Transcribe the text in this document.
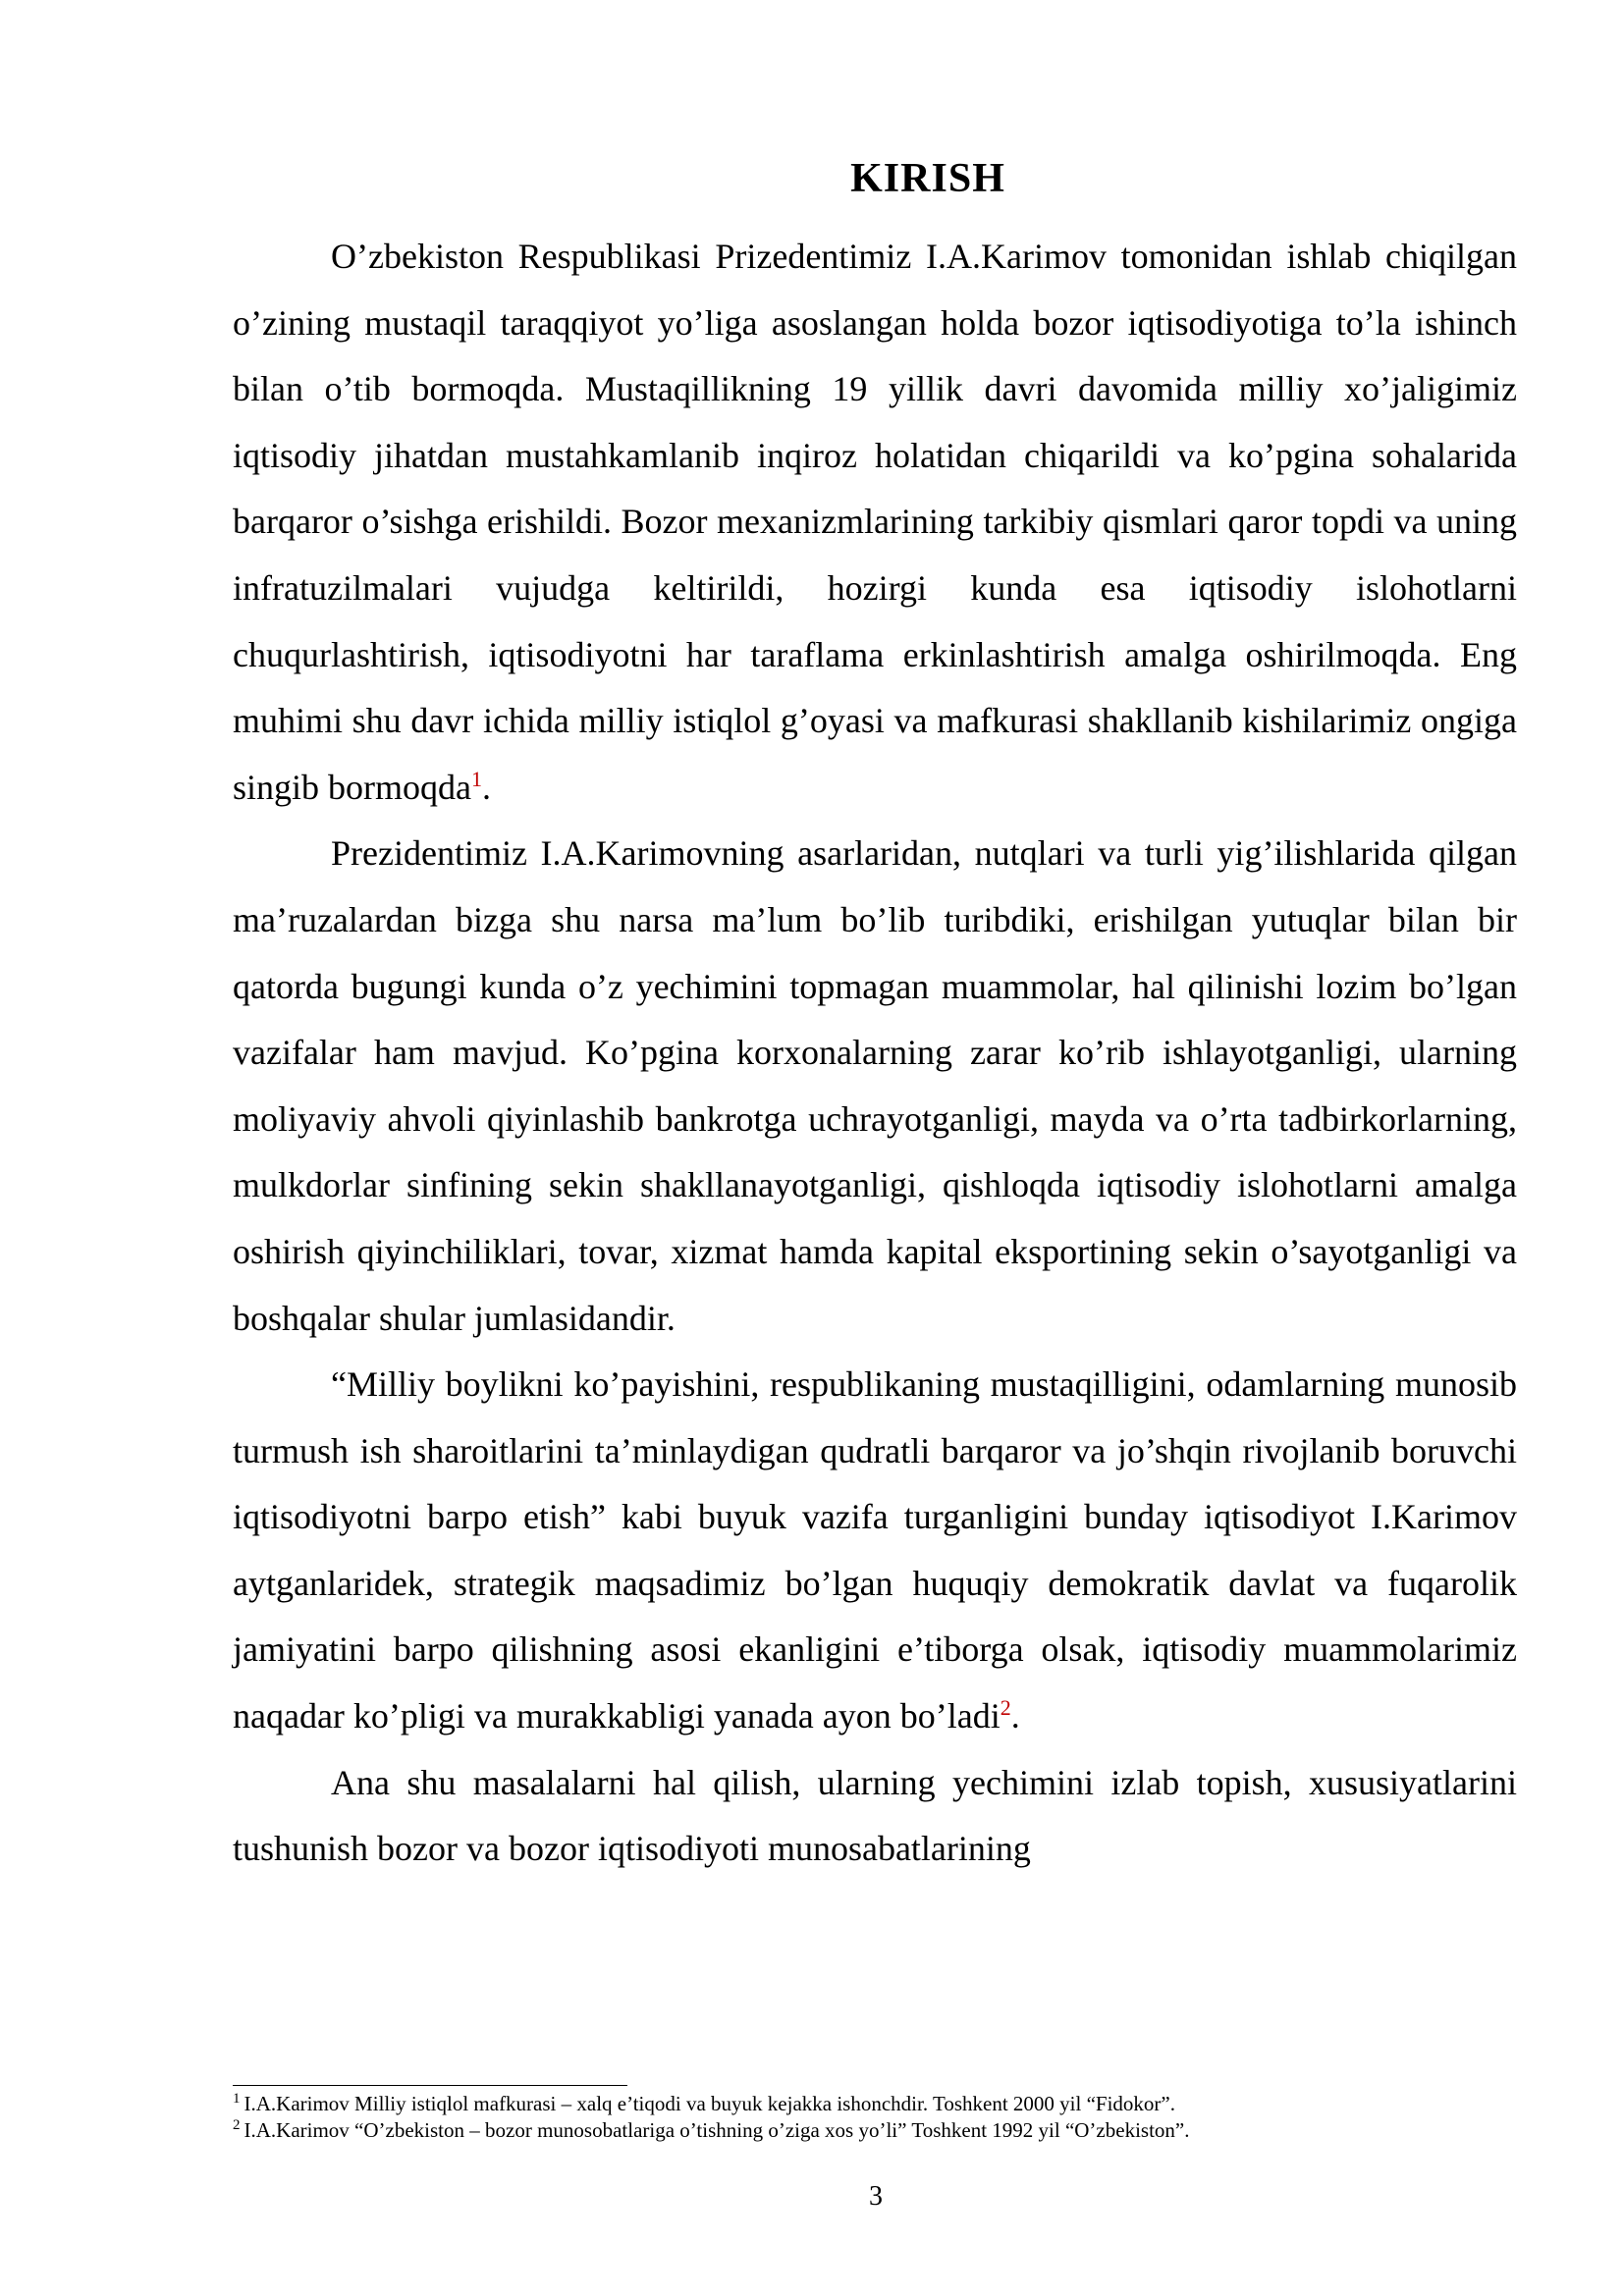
KIRISH

O’zbekiston Respublikasi Prizedentimiz I.A.Karimov tomonidan ishlab chiqilgan o’zining mustaqil taraqqiyot yo’liga asoslangan holda bozor iqtisodiyotiga to’la ishinch bilan o’tib bormoqda. Mustaqillikning 19 yillik davri davomida milliy xo’jaligimiz iqtisodiy jihatdan mustahkamlanib inqiroz holatidan chiqarildi va ko’pgina sohalarida barqaror o’sishga erishildi. Bozor mexanizmlarining tarkibiy qismlari qaror topdi va uning infratuzilmalari vujudga keltirildi, hozirgi kunda esa iqtisodiy islohotlarni chuqurlashtirish, iqtisodiyotni har taraflama erkinlashtirish amalga oshirilmoqda. Eng muhimi shu davr ichida milliy istiqlol g’oyasi va mafkurasi shakllanib kishilarimiz ongiga singib bormoqda$^1$.

Prezidentimiz I.A.Karimovning asarlaridan, nutqlari va turli yig’ilishlarida qilgan ma’ruzalardan bizga shu narsa ma’lum bo’lib turibdiki, erishilgan yutuqlar bilan bir qatorda bugungi kunda o’z yechimini topmagan muammolar, hal qilinishi lozim bo’lgan vazifalar ham mavjud. Ko’pgina korxonalarning zarar ko’rib ishlayotganligi, ularning moliyaviy ahvoli qiyinlashib bankrotga uchrayotganligi, mayda va o’rta tadbirkorlarning, mulkdorlar sinfining sekin shakllanayotganligi, qishloqda iqtisodiy islohotlarni amalga oshirish qiyinchiliklari, tovar, xizmat hamda kapital eksportining sekin o’sayotganligi va boshqalar shular jumlasidandir.

“Milliy boylikni ko’payishini, respublikaning mustaqilligini, odamlarning munosib turmush ish sharoitlarini ta’minlaydigan qudratli barqaror va jo’shqin rivojlanib boruvchi iqtisodiyotni barpo etish” kabi buyuk vazifa turganligini bunday iqtisodiyot I.Karimov aytganlaridek, strategik maqsadimiz bo’lgan huquqiy demokratik davlat va fuqarolik jamiyatini barpo qilishning asosi ekanligini e’tiborga olsak, iqtisodiy muammolarimiz naqadar ko’pligi va murakkabligi yanada ayon bo’ladi$^2$.

Ana shu masalalarni hal qilish, ularning yechimini izlab topish, xususiyatlarini tushunish bozor va bozor iqtisodiyoti munosabatlarining

$^1$ I.A.Karimov Milliy istiqlol mafkurasi – xalq e’tiqodi va buyuk kejakka ishonchdir. Toshkent 2000 yil “Fidokor”.

$^2$ I.A.Karimov “O’zbekiston – bozor munosobatlariga o’tishning o’ziga xos yo’li” Toshkent 1992 yil “O’zbekiston”.

3
